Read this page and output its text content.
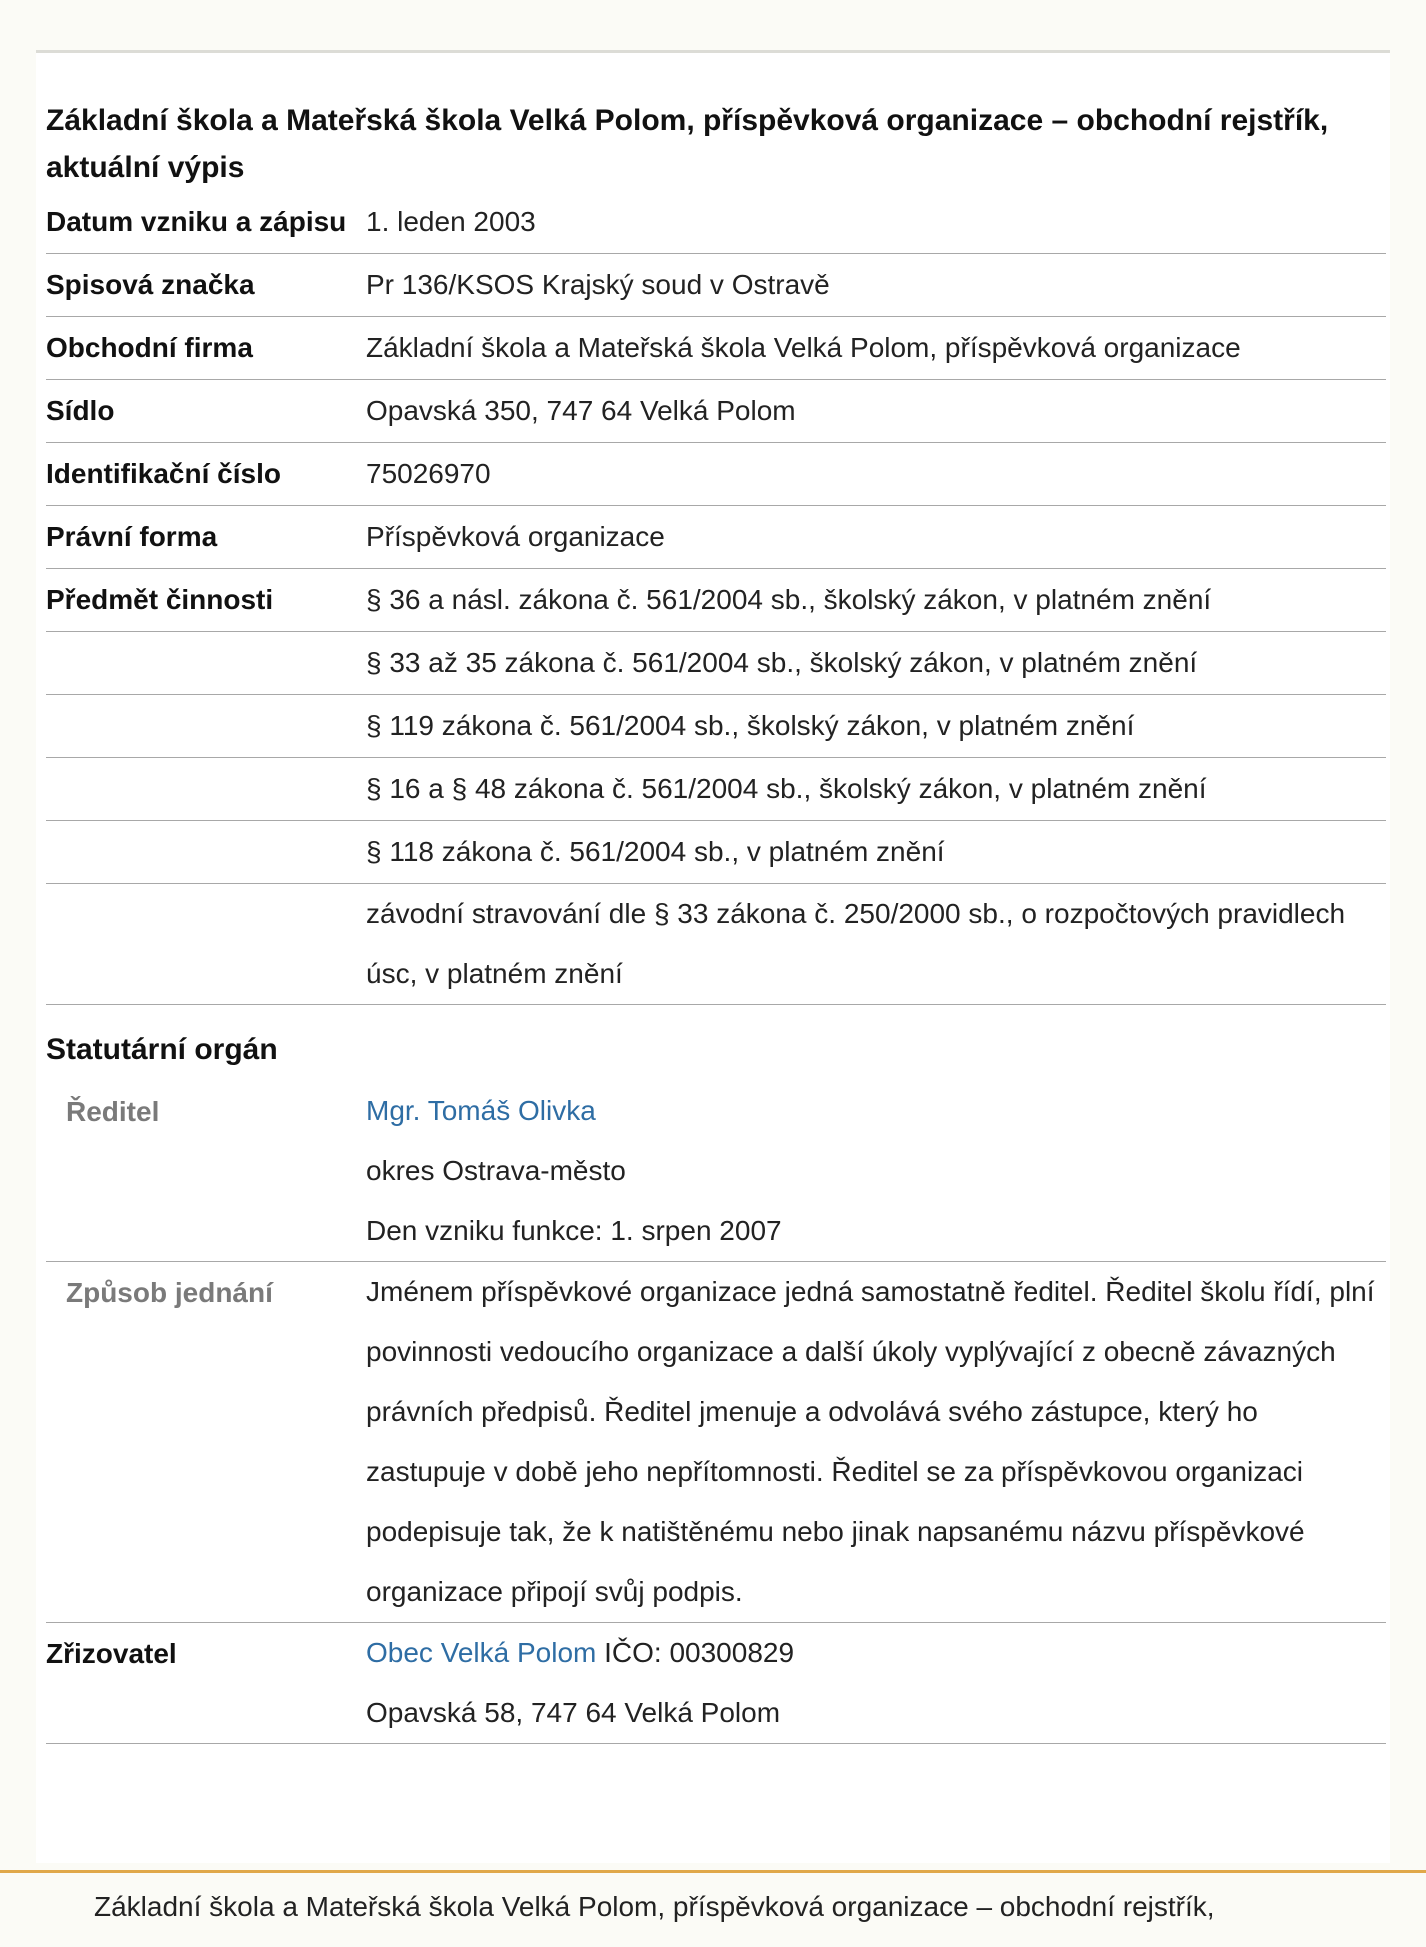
Základní škola a Mateřská škola Velká Polom, příspěvková organizace – obchodní rejstřík, aktuální výpis
Datum vzniku a zápisu 1. leden 2003
Spisová značka	Pr 136/KSOS Krajský soud v Ostravě
Obchodní firma	Základní škola a Mateřská škola Velká Polom, příspěvková organizace
Sídlo	Opavská 350, 747 64 Velká Polom
Identifikační číslo	75026970
Právní forma	Příspěvková organizace
Předmět činnosti	§ 36 a násl. zákona č. 561/2004 sb., školský zákon, v platném znění
§ 33 až 35 zákona č. 561/2004 sb., školský zákon, v platném znění
§ 119 zákona č. 561/2004 sb., školský zákon, v platném znění
§ 16 a § 48 zákona č. 561/2004 sb., školský zákon, v platném znění
§ 118 zákona č. 561/2004 sb., v platném znění
závodní stravování dle § 33 zákona č. 250/2000 sb., o rozpočtových pravidlech úsc, v platném znění
Statutární orgán
Ředitel	Mgr. Tomáš Olivka
okres Ostrava-město
Den vzniku funkce: 1. srpen 2007
Způsob jednání	Jménem příspěvkové organizace jedná samostatně ředitel. Ředitel školu řídí, plní povinnosti vedoucího organizace a další úkoly vyplývající z obecně závazných právních předpisů. Ředitel jmenuje a odvolává svého zástupce, který ho zastupuje v době jeho nepřítomnosti. Ředitel se za příspěvkovou organizaci podepisuje tak, že k natištěnému nebo jinak napsanému názvu příspěvkové organizace připojí svůj podpis.
Zřizovatel	Obec Velká Polom IČO: 00300829
Opavská 58, 747 64 Velká Polom
Základní škola a Mateřská škola Velká Polom, příspěvková organizace – obchodní rejstřík,
